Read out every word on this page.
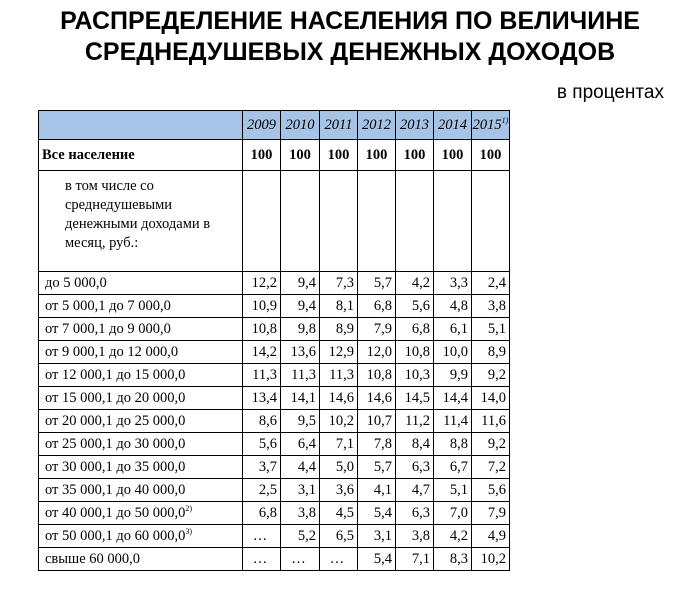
РАСПРЕДЕЛЕНИЕ НАСЕЛЕНИЯ ПО ВЕЛИЧИНЕ
СРЕДНЕДУШЕВЫХ ДЕНЕЖНЫХ ДОХОДОВ
в процентах
	2009	2010	2011	2012	2013	2014	2015$^{1)}$
Все население	100	100	100	100	100	100	100
в том числе со среднедушевыми денежными доходами в месяц, руб.:							
до 5 000,0	12,2	9,4	7,3	5,7	4,2	3,3	2,4
от 5 000,1 до 7 000,0	10,9	9,4	8,1	6,8	5,6	4,8	3,8
от 7 000,1 до 9 000,0	10,8	9,8	8,9	7,9	6,8	6,1	5,1
от 9 000,1 до 12 000,0	14,2	13,6	12,9	12,0	10,8	10,0	8,9
от 12 000,1 до 15 000,0	11,3	11,3	11,3	10,8	10,3	9,9	9,2
от 15 000,1 до 20 000,0	13,4	14,1	14,6	14,6	14,5	14,4	14,0
от 20 000,1 до 25 000,0	8,6	9,5	10,2	10,7	11,2	11,4	11,6
от 25 000,1 до 30 000,0	5,6	6,4	7,1	7,8	8,4	8,8	9,2
от 30 000,1 до 35 000,0	3,7	4,4	5,0	5,7	6,3	6,7	7,2
от 35 000,1 до 40 000,0	2,5	3,1	3,6	4,1	4,7	5,1	5,6
от 40 000,1 до 50 000,0$^{2)}$	6,8	3,8	4,5	5,4	6,3	7,0	7,9
от 50 000,1 до 60 000,0$^{3)}$	…	5,2	6,5	3,1	3,8	4,2	4,9
свыше 60 000,0	…	…	…	5,4	7,1	8,3	10,2
